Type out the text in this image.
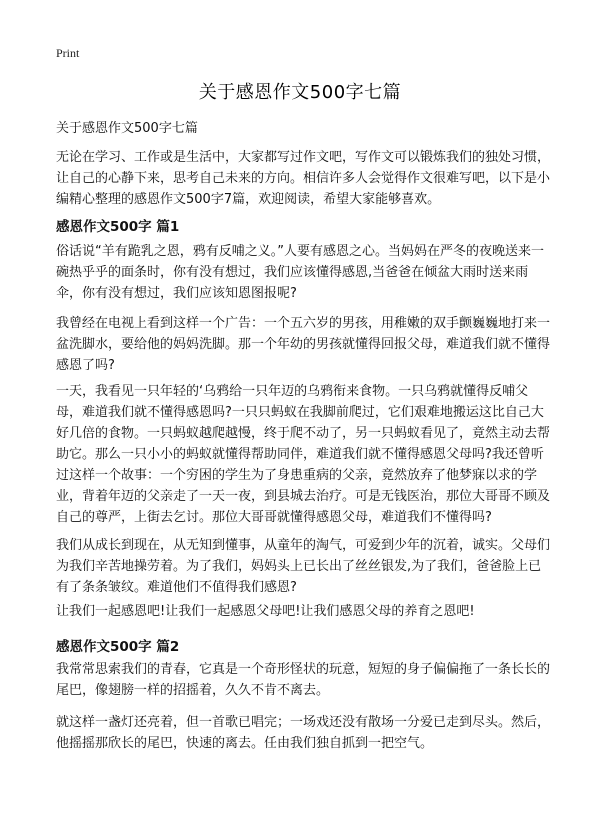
Print
关于感恩作文500字七篇

关于感恩作文500字七篇

无论在学习、工作或是生活中，大家都写过作文吧，写作文可以锻炼我们的独处习惯，让自己的心静下来，思考自己未来的方向。相信许多人会觉得作文很难写吧，以下是小编精心整理的感恩作文500字7篇，欢迎阅读，希望大家能够喜欢。

感恩作文500字 篇1

俗话说“羊有跪乳之恩，鸦有反哺之义。”人要有感恩之心。当妈妈在严冬的夜晚送来一碗热乎乎的面条时，你有没有想过，我们应该懂得感恩,当爸爸在倾盆大雨时送来雨伞，你有没有想过，我们应该知恩图报呢?

我曾经在电视上看到这样一个广告：一个五六岁的男孩，用稚嫩的双手颤巍巍地打来一盆洗脚水，要给他的妈妈洗脚。那一个年幼的男孩就懂得回报父母，难道我们就不懂得感恩了吗?

一天，我看见一只年轻的‘乌鸦给一只年迈的乌鸦衔来食物。一只乌鸦就懂得反哺父母，难道我们就不懂得感恩吗?一只只蚂蚁在我脚前爬过，它们艰难地搬运这比自己大好几倍的食物。一只蚂蚁越爬越慢，终于爬不动了，另一只蚂蚁看见了，竟然主动去帮助它。那么一只小小的蚂蚁就懂得帮助同伴，难道我们就不懂得感恩父母吗?我还曾听过这样一个故事：一个穷困的学生为了身患重病的父亲，竟然放弃了他梦寐以求的学业，背着年迈的父亲走了一天一夜，到县城去治疗。可是无钱医治，那位大哥哥不顾及自己的尊严，上街去乞讨。那位大哥哥就懂得感恩父母，难道我们不懂得吗?

我们从成长到现在，从无知到懂事，从童年的淘气，可爱到少年的沉着，诚实。父母们为我们辛苦地操劳着。为了我们，妈妈头上已长出了丝丝银发,为了我们，爸爸脸上已有了条条皱纹。难道他们不值得我们感恩?

让我们一起感恩吧!让我们一起感恩父母吧!让我们感恩父母的养育之恩吧!

感恩作文500字 篇2

我常常思索我们的青春，它真是一个奇形怪状的玩意，短短的身子偏偏拖了一条长长的尾巴，像翅膀一样的招摇着，久久不肯不离去。

就这样一盏灯还亮着，但一首歌已唱完；一场戏还没有散场一分爱已走到尽头。然后，他摇摇那欣长的尾巴，快速的离去。任由我们独自抓到一把空气。
